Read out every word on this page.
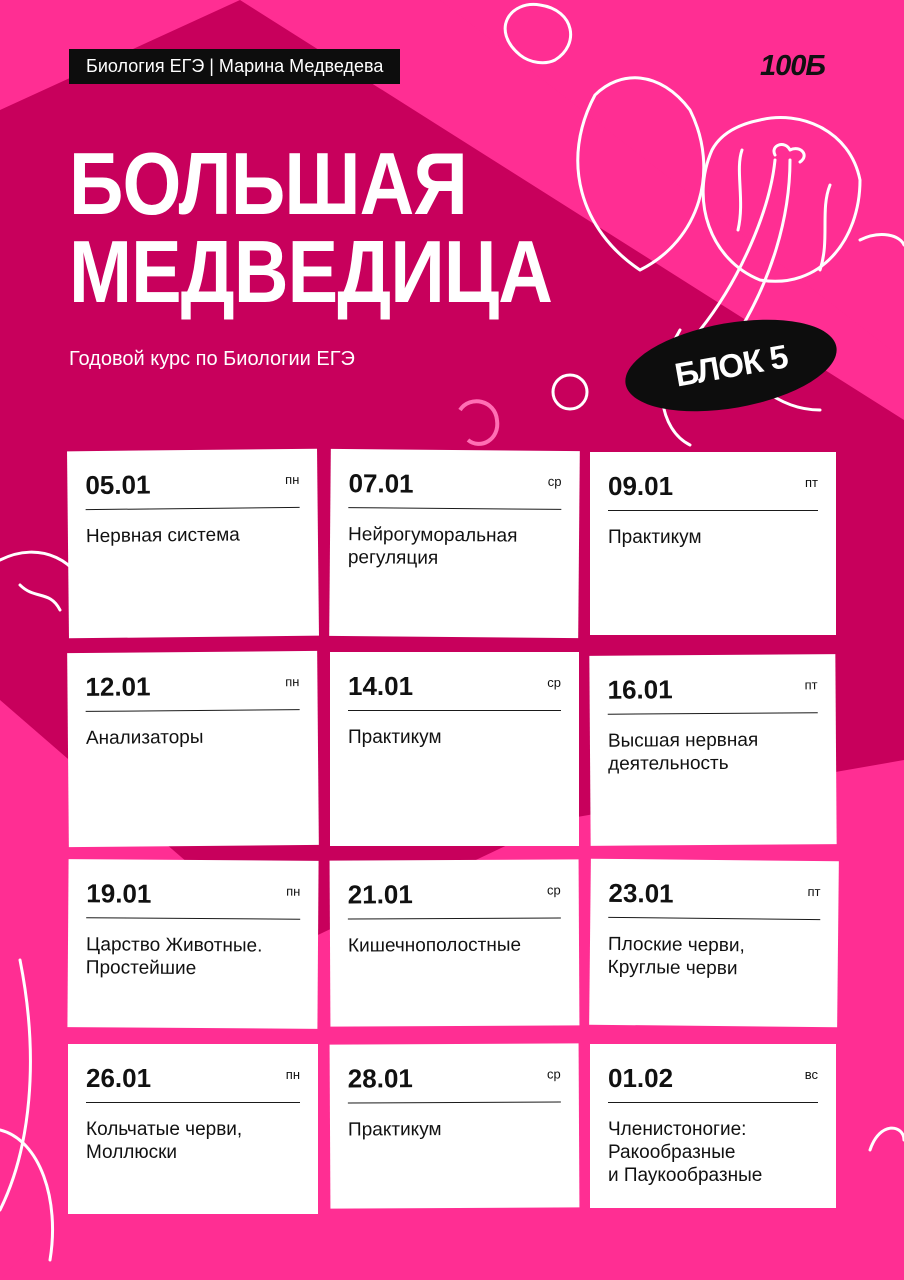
Биология ЕГЭ | Марина Медведева	100Б
БОЛЬШАЯ
МЕДВЕДИЦА
Годовой курс по Биологии ЕГЭ	БЛОК 5
05.01	пн
Нервная система
07.01	ср
Нейрогуморальная
регуляция
09.01	пт
Практикум
12.01	пн
Анализаторы
14.01	ср
Практикум
16.01	пт
Высшая нервная
деятельность
19.01	пн
Царство Животные.
Простейшие
21.01	ср
Кишечнополостные
23.01	пт
Плоские черви,
Круглые черви
26.01	пн
Кольчатые черви,
Моллюски
28.01	ср
Практикум
01.02	вс
Членистоногие:
Ракообразные
и Паукообразные
